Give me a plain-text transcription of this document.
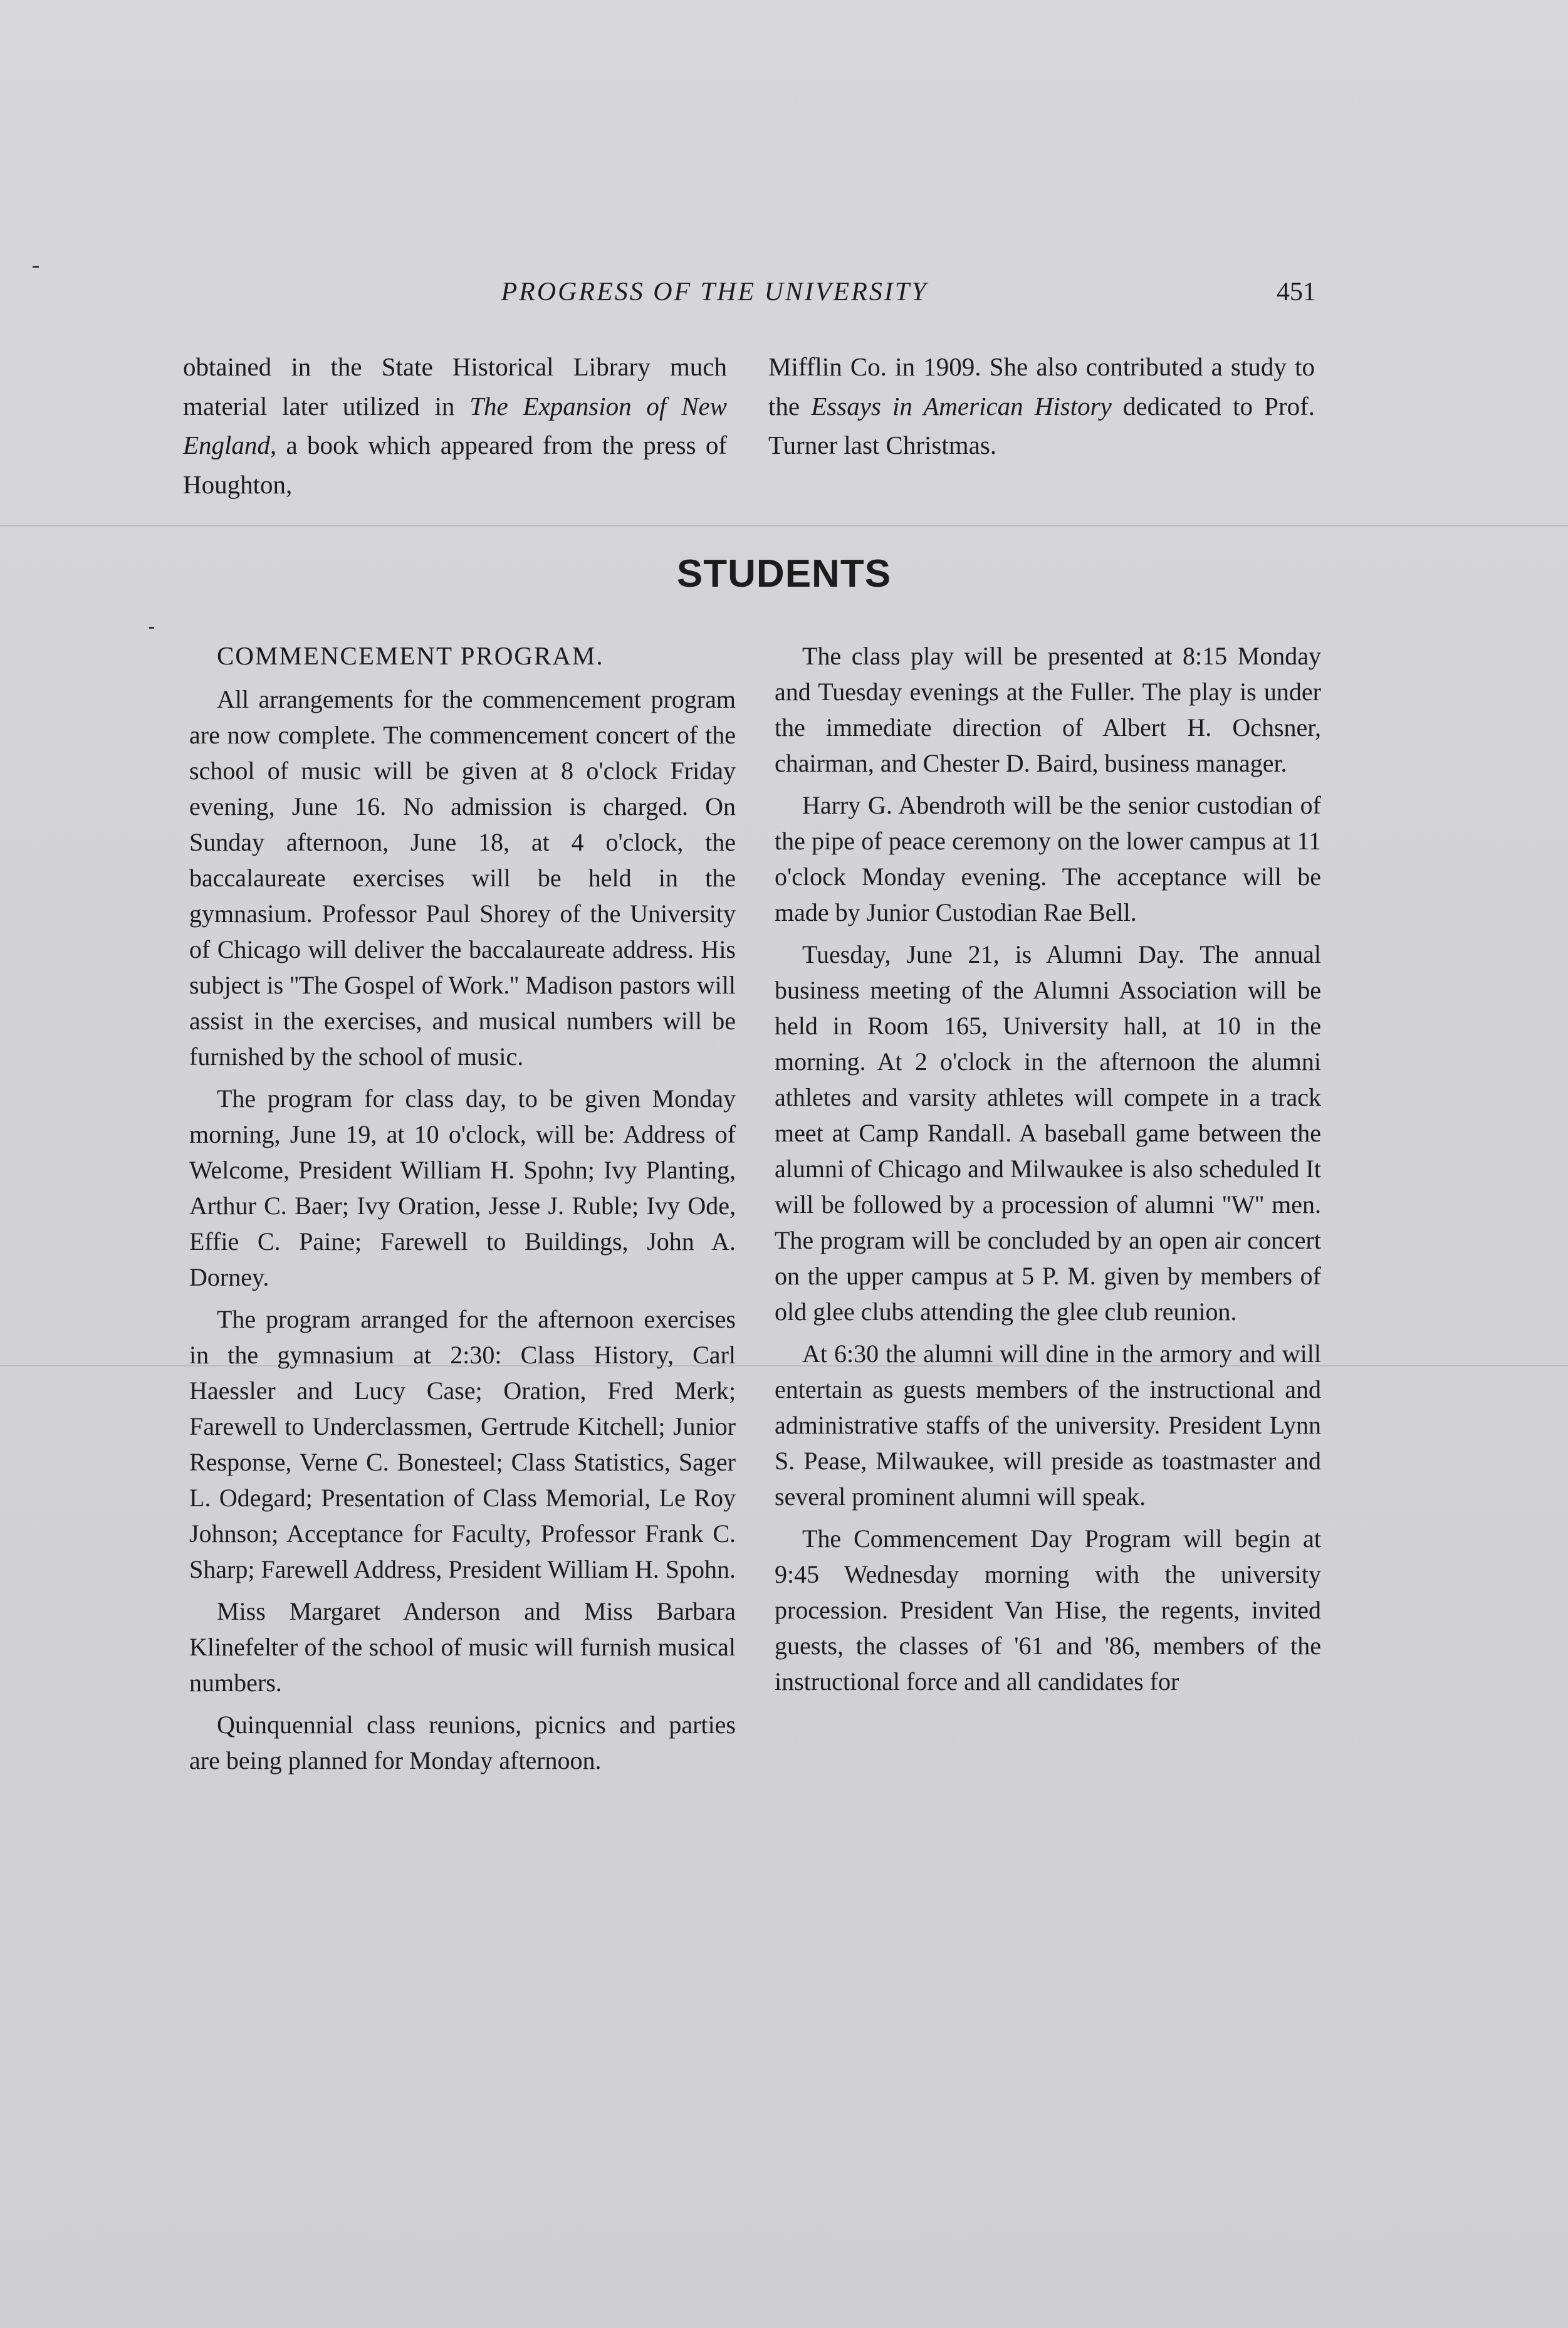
PROGRESS OF THE UNIVERSITY	451

obtained in the State Historical Library much material later utilized in The Expansion of New England, a book which appeared from the press of Houghton,

Mifflin Co. in 1909. She also contributed a study to the Essays in American History dedicated to Prof. Turner last Christmas.

STUDENTS

COMMENCEMENT PROGRAM.

All arrangements for the commencement program are now complete. The commencement concert of the school of music will be given at 8 o'clock Friday evening, June 16. No admission is charged. On Sunday afternoon, June 18, at 4 o'clock, the baccalaureate exercises will be held in the gymnasium. Professor Paul Shorey of the University of Chicago will deliver the baccalaureate address. His subject is ''The Gospel of Work.'' Madison pastors will assist in the exercises, and musical numbers will be furnished by the school of music.

The program for class day, to be given Monday morning, June 19, at 10 o'clock, will be: Address of Welcome, President William H. Spohn; Ivy Planting, Arthur C. Baer; Ivy Oration, Jesse J. Ruble; Ivy Ode, Effie C. Paine; Farewell to Buildings, John A. Dorney.

The program arranged for the afternoon exercises in the gymnasium at 2:30: Class History, Carl Haessler and Lucy Case; Oration, Fred Merk; Farewell to Underclassmen, Gertrude Kitchell; Junior Response, Verne C. Bonesteel; Class Statistics, Sager L. Odegard; Presentation of Class Memorial, Le Roy Johnson; Acceptance for Faculty, Professor Frank C. Sharp; Farewell Address, President William H. Spohn.

Miss Margaret Anderson and Miss Barbara Klinefelter of the school of music will furnish musical numbers.

Quinquennial class reunions, picnics and parties are being planned for Monday afternoon.

The class play will be presented at 8:15 Monday and Tuesday evenings at the Fuller. The play is under the immediate direction of Albert H. Ochsner, chairman, and Chester D. Baird, business manager.

Harry G. Abendroth will be the senior custodian of the pipe of peace ceremony on the lower campus at 11 o'clock Monday evening. The acceptance will be made by Junior Custodian Rae Bell.

Tuesday, June 21, is Alumni Day. The annual business meeting of the Alumni Association will be held in Room 165, University hall, at 10 in the morning. At 2 o'clock in the afternoon the alumni athletes and varsity athletes will compete in a track meet at Camp Randall. A baseball game between the alumni of Chicago and Milwaukee is also scheduled It will be followed by a procession of alumni ''W'' men. The program will be concluded by an open air concert on the upper campus at 5 P. M. given by members of old glee clubs attending the glee club reunion.

At 6:30 the alumni will dine in the armory and will entertain as guests members of the instructional and administrative staffs of the university. President Lynn S. Pease, Milwaukee, will preside as toastmaster and several prominent alumni will speak.

The Commencement Day Program will begin at 9:45 Wednesday morning with the university procession. President Van Hise, the regents, invited guests, the classes of '61 and '86, members of the instructional force and all candidates for
